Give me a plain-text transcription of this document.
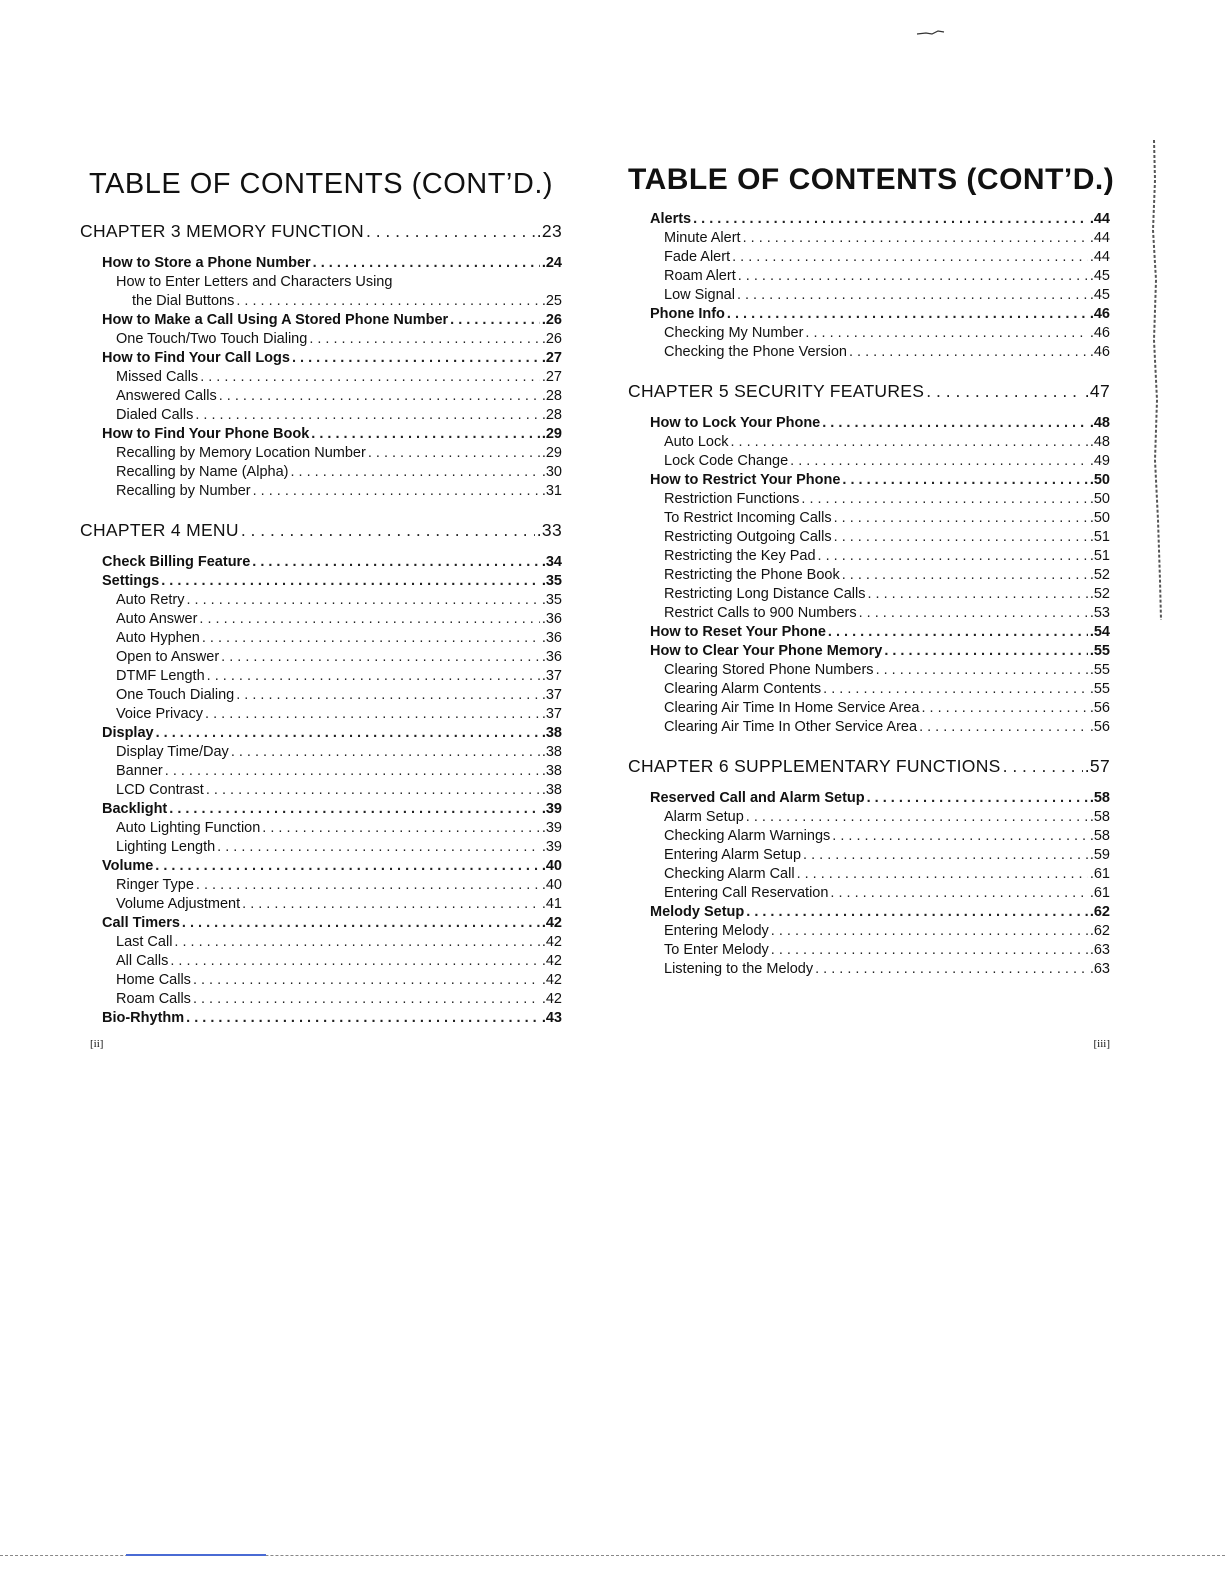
TABLE OF CONTENTS (CONT’D.)
CHAPTER 3 MEMORY FUNCTION . . .	.23
How to Store a Phone Number . . .	.24
How to Enter Letters and Characters Using
the Dial Buttons . . .	.25
How to Make a Call Using A Stored Phone Number . . .	.26
One Touch/Two Touch Dialing . . .	.26
How to Find Your Call Logs . . .	.27
Missed Calls . . .	.27
Answered Calls . . .	.28
Dialed Calls . . .	.28
How to Find Your Phone Book . . .	.29
Recalling by Memory Location Number . . .	.29
Recalling by Name (Alpha) . . .	.30
Recalling by Number . . .	.31
CHAPTER 4 MENU . . .	.33
Check Billing Feature . . .	.34
Settings . . .	.35
Auto Retry . . .	.35
Auto Answer . . .	.36
Auto Hyphen . . .	.36
Open to Answer . . .	.36
DTMF Length . . .	.37
One Touch Dialing . . .	.37
Voice Privacy . . .	.37
Display . . .	.38
Display Time/Day . . .	.38
Banner . . .	.38
LCD Contrast . . .	.38
Backlight . . .	.39
Auto Lighting Function . . .	.39
Lighting Length . . .	.39
Volume . . .	.40
Ringer Type . . .	.40
Volume Adjustment . . .	.41
Call Timers . . .	.42
Last Call . . .	.42
All Calls . . .	.42
Home Calls . . .	.42
Roam Calls . . .	.42
Bio-Rhythm . . .	.43
[ii]
TABLE OF CONTENTS (CONT’D.)
Alerts . . .	.44
Minute Alert . . .	.44
Fade Alert . . .	.44
Roam Alert . . .	.45
Low Signal . . .	.45
Phone Info . . .	.46
Checking My Number . . .	.46
Checking the Phone Version . . .	.46
CHAPTER 5 SECURITY FEATURES . . .	.47
How to Lock Your Phone . . .	.48
Auto Lock . . .	.48
Lock Code Change . . .	.49
How to Restrict Your Phone . . .	.50
Restriction Functions . . .	.50
To Restrict Incoming Calls . . .	.50
Restricting Outgoing Calls . . .	.51
Restricting the Key Pad . . .	.51
Restricting the Phone Book . . .	.52
Restricting Long Distance Calls . . .	.52
Restrict Calls to 900 Numbers . . .	.53
How to Reset Your Phone . . .	.54
How to Clear Your Phone Memory . . .	.55
Clearing Stored Phone Numbers . . .	.55
Clearing Alarm Contents . . .	.55
Clearing Air Time In Home Service Area . . .	.56
Clearing Air Time In Other Service Area . . .	.56
CHAPTER 6 SUPPLEMENTARY FUNCTIONS . . .	.57
Reserved Call and Alarm Setup . . .	.58
Alarm Setup . . .	.58
Checking Alarm Warnings . . .	.58
Entering Alarm Setup . . .	.59
Checking Alarm Call . . .	.61
Entering Call Reservation . . .	.61
Melody Setup . . .	.62
Entering Melody . . .	.62
To Enter Melody . . .	.63
Listening to the Melody . . .	.63
[iii]
